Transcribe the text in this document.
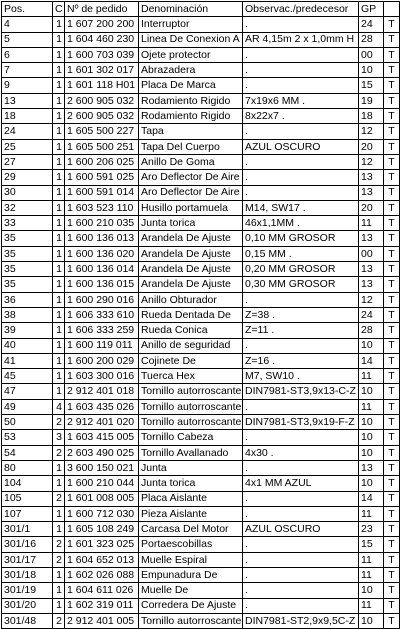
Pos.	C	Nº de pedido	Denominación	Observac./predecesor	GP	
4	1	1 607 200 200	Interruptor	.	24	T
5	1	1 604 460 230	Linea De Conexion A	AR 4,15m 2 x 1,0mm H	28	T
6	1	1 600 703 039	Ojete protector	.	00	T
7	1	1 601 302 017	Abrazadera	.	10	T
9	1	1 601 118 H01	Placa De Marca	.	15	T
13	1	2 600 905 032	Rodamiento Rigido	7x19x6 MM .	19	T
18	1	2 600 905 032	Rodamiento Rigido	8x22x7 .	18	T
24	1	1 605 500 227	Tapa	.	12	T
25	1	1 605 500 251	Tapa Del Cuerpo	AZUL OSCURO	20	T
27	1	1 600 206 025	Anillo De Goma	.	12	T
29	1	1 600 591 025	Aro Deflector De Aire	.	13	T
30	1	1 600 591 014	Aro Deflector De Aire	.	13	T
32	1	1 603 523 110	Husillo portamuela	M14, SW17 .	20	T
33	1	1 600 210 035	Junta torica	46x1,1MM .	11	T
35	1	1 600 136 013	Arandela De Ajuste	0,10 MM GROSOR	13	T
35	1	1 600 136 020	Arandela De Ajuste	0,15 MM .	00	T
35	1	1 600 136 014	Arandela De Ajuste	0,20 MM GROSOR	13	T
35	1	1 600 136 015	Arandela De Ajuste	0,30 MM GROSOR	13	T
36	1	1 600 290 016	Anillo Obturador	.	12	T
38	1	1 606 333 610	Rueda Dentada De	Z=38 .	24	T
39	1	1 606 333 259	Rueda Conica	Z=11 .	28	T
40	1	1 600 119 011	Anillo de seguridad	.	10	T
41	1	1 600 200 029	Cojinete De	Z=16 .	14	T
45	1	1 603 300 016	Tuerca Hex	M7, SW10 .	11	T
47	1	2 912 401 018	Tornillo autorroscante	DIN7981-ST3,9x13-C-Z	10	T
49	4	1 603 435 026	Tornillo autorroscante	.	11	T
50	2	2 912 401 020	Tornillo autorroscante	DIN7981-ST3,9x19-F-Z	10	T
53	3	1 603 415 005	Tornillo Cabeza	.	10	T
54	2	2 603 490 025	Tornillo Avallanado	4x30 .	10	T
80	1	3 600 150 021	Junta	.	13	T
104	1	1 600 210 044	Junta torica	4x1 MM AZUL	10	T
105	2	1 601 008 005	Placa Aislante	.	14	T
107	1	1 600 712 030	Pieza Aislante	.	11	T
301/1	1	1 605 108 249	Carcasa Del Motor	AZUL OSCURO	23	T
301/16	2	1 601 323 025	Portaescobillas	.	15	T
301/17	2	1 604 652 013	Muelle Espiral	.	11	T
301/18	1	1 602 026 088	Empunadura De	.	11	T
301/19	1	1 604 611 026	Muelle De	.	10	T
301/20	1	1 602 319 011	Corredera De Ajuste	.	11	T
301/48	2	2 912 401 005	Tornillo autorroscante	DIN7981-ST2,9x9,5C-Z	10	T
